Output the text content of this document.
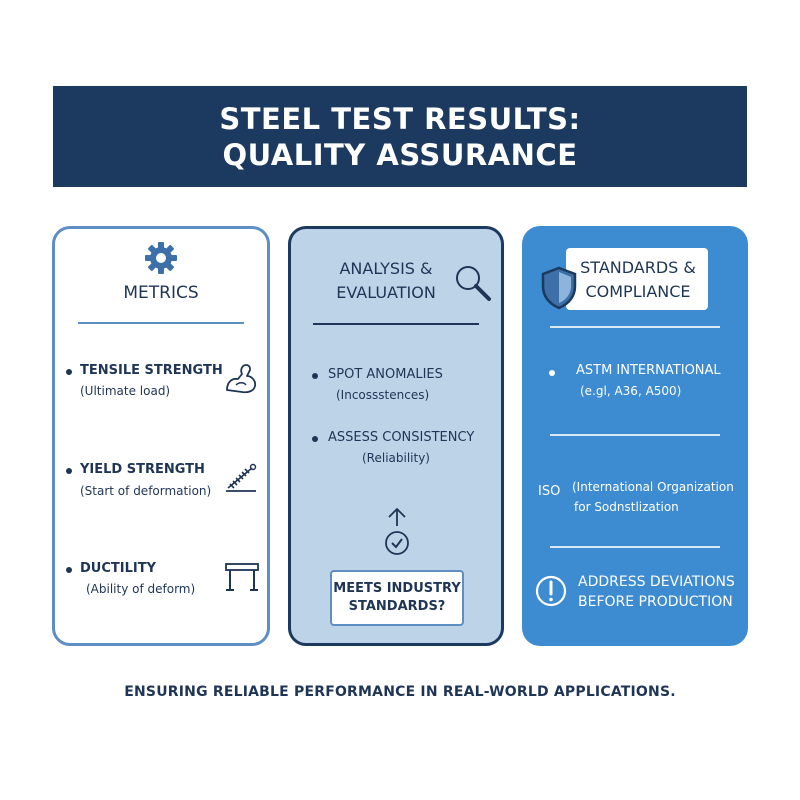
STEEL TEST RESULTS:
QUALITY ASSURANCE
METRICS
TENSILE STRENGTH
(Ultimate load)
YIELD STRENGTH
(Start of deformation)
DUCTILITY
(Ability of deform)
ANALYSIS &
EVALUATION
SPOT ANOMALIES
(Incossstences)
ASSESS CONSISTENCY
(Reliability)
MEETS INDUSTRY
STANDARDS?
STANDARDS &
COMPLIANCE
ASTM INTERNATIONAL
(e.gl, A36, A500)
ISO (International Organization
for Sodnstlization
ADDRESS DEVIATIONS
BEFORE PRODUCTION
ENSURING RELIABLE PERFORMANCE IN REAL-WORLD APPLICATIONS.
